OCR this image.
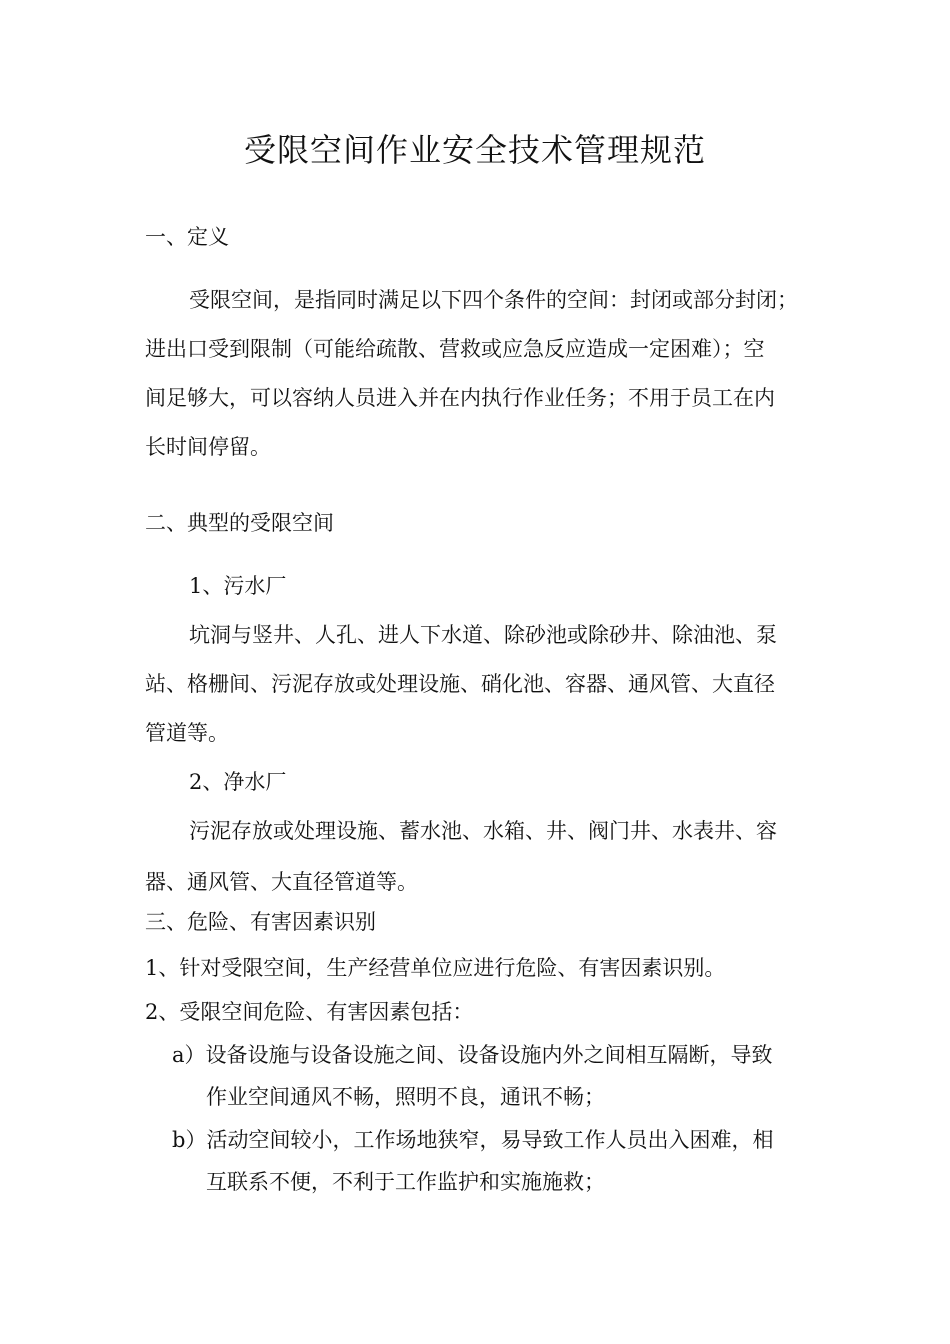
受限空间作业安全技术管理规范
一、定义
受限空间，是指同时满足以下四个条件的空间：封闭或部分封闭；
进出口受到限制（可能给疏散、营救或应急反应造成一定困难）；空
间足够大，可以容纳人员进入并在内执行作业任务；不用于员工在内
长时间停留。
二、典型的受限空间
1、污水厂
坑洞与竖井、人孔、进人下水道、除砂池或除砂井、除油池、泵
站、格栅间、污泥存放或处理设施、硝化池、容器、通风管、大直径
管道等。
2、净水厂
污泥存放或处理设施、蓄水池、水箱、井、阀门井、水表井、容
器、通风管、大直径管道等。
三、危险、有害因素识别
1、针对受限空间，生产经营单位应进行危险、有害因素识别。
2、受限空间危险、有害因素包括：
a）设备设施与设备设施之间、设备设施内外之间相互隔断，导致
作业空间通风不畅，照明不良，通讯不畅；
b）活动空间较小，工作场地狭窄，易导致工作人员出入困难，相
互联系不便，不利于工作监护和实施施救；
